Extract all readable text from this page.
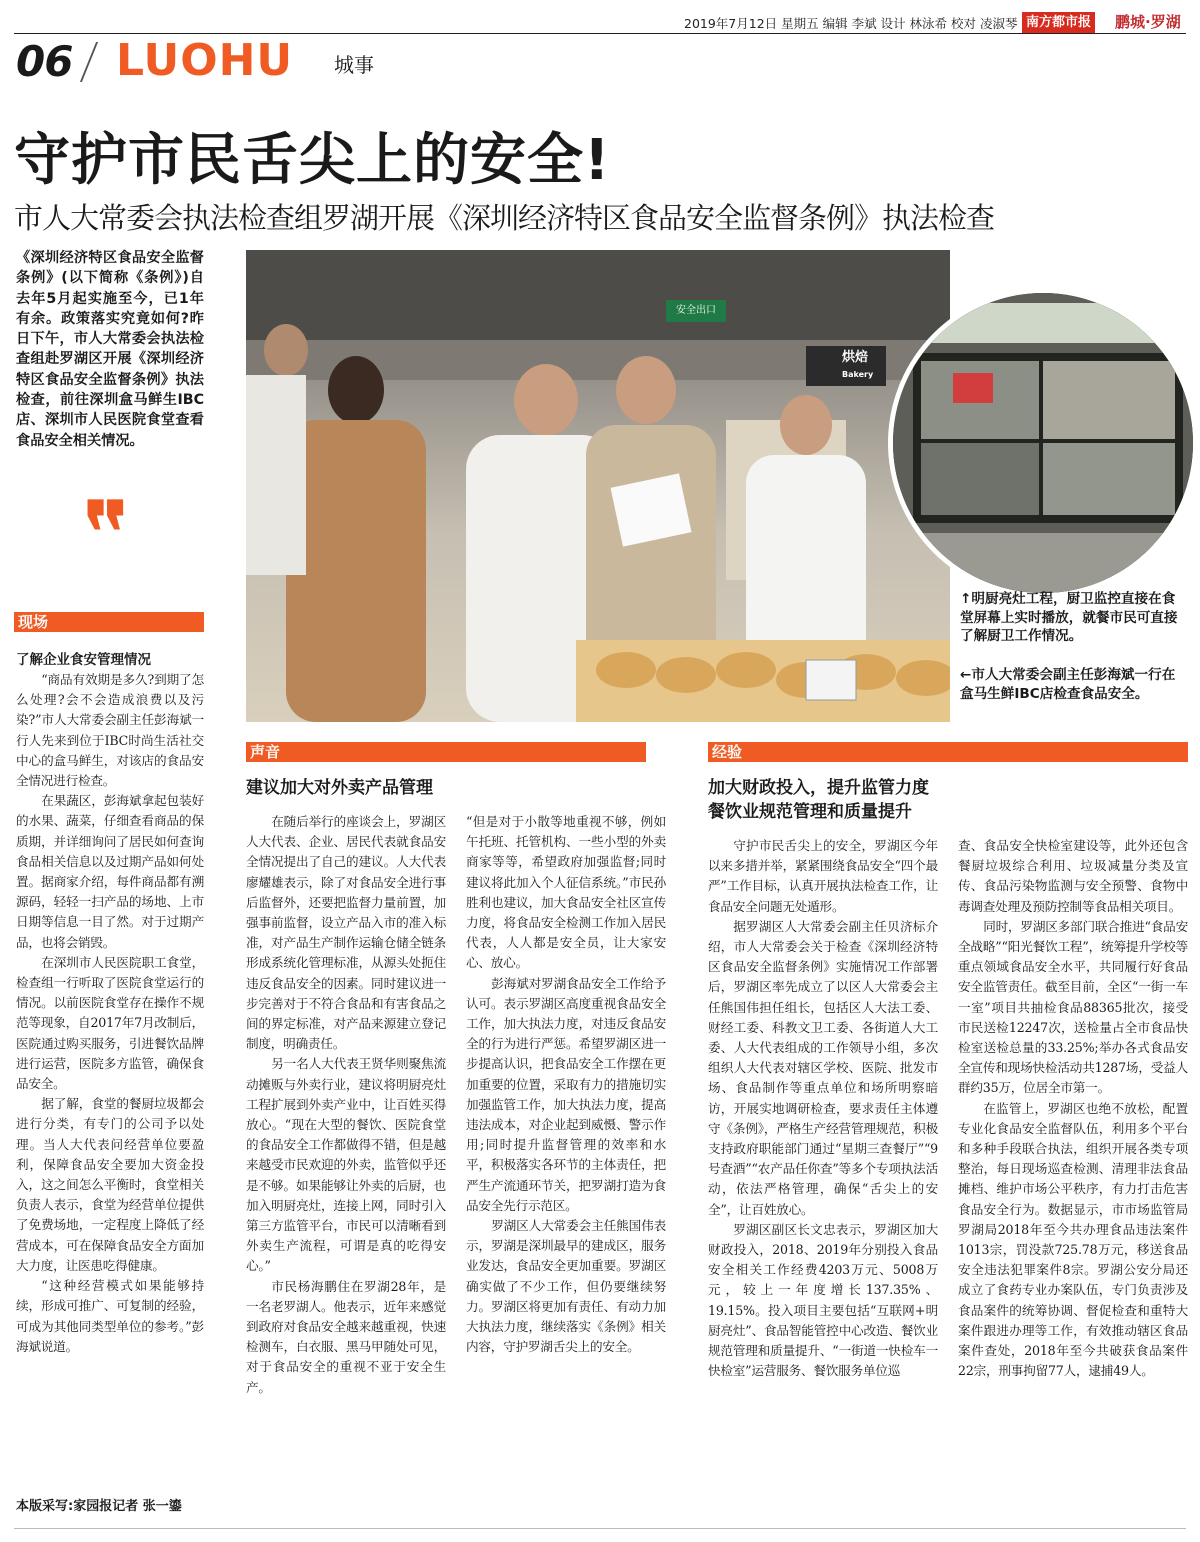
2019年7月12日 星期五 编辑 李斌 设计 林泳希 校对 凌淑琴 南方都市报 鹏城·罗湖
06 LUOHU 城事
守护市民舌尖上的安全!
市人大常委会执法检查组罗湖开展《深圳经济特区食品安全监督条例》执法检查
《深圳经济特区食品安全监督条例》(以下简称《条例》)自去年5月起实施至今，已1年有余。政策落实究竟如何?昨日下午，市人大常委会执法检查组赴罗湖区开展《深圳经济特区食品安全监督条例》执法检查，前往深圳盒马鲜生IBC店、深圳市人民医院食堂查看食品安全相关情况。
❞
烘焙
Bakery
安全出口
↑明厨亮灶工程，厨卫监控直接在食堂屏幕上实时播放，就餐市民可直接了解厨卫工作情况。
←市人大常委会副主任彭海斌一行在盒马生鲜IBC店检查食品安全。
现场
了解企业食安管理情况

“商品有效期是多久?到期了怎么处理?会不会造成浪费以及污染?”市人大常委会副主任彭海斌一行人先来到位于IBC时尚生活社交中心的盒马鲜生，对该店的食品安全情况进行检查。

在果蔬区，彭海斌拿起包装好的水果、蔬菜，仔细查看商品的保质期，并详细询问了居民如何查询食品相关信息以及过期产品如何处置。据商家介绍，每件商品都有溯源码，轻轻一扫产品的场地、上市日期等信息一目了然。对于过期产品，也将会销毁。

在深圳市人民医院职工食堂，检查组一行听取了医院食堂运行的情况。以前医院食堂存在操作不规范等现象，自2017年7月改制后，医院通过购买服务，引进餐饮品牌进行运营，医院多方监管，确保食品安全。

据了解，食堂的餐厨垃圾都会进行分类，有专门的公司予以处理。当人大代表问经营单位要盈利，保障食品安全要加大资金投入，这之间怎么平衡时，食堂相关负责人表示，食堂为经营单位提供了免费场地，一定程度上降低了经营成本，可在保障食品安全方面加大力度，让医患吃得健康。

“这种经营模式如果能够持续，形成可推广、可复制的经验，可成为其他同类型单位的参考。”彭海斌说道。

本版采写:家园报记者 张一鎏
声音
建议加大对外卖产品管理

在随后举行的座谈会上，罗湖区人大代表、企业、居民代表就食品安全情况提出了自己的建议。人大代表廖耀雄表示，除了对食品安全进行事后监督外，还要把监督力量前置，加强事前监督，设立产品入市的准入标准，对产品生产制作运输仓储全链条形成系统化管理标准，从源头处扼住违反食品安全的因素。同时建议进一步完善对于不符合食品和有害食品之间的界定标准，对产品来源建立登记制度，明确责任。

另一名人大代表王贤华则聚焦流动摊贩与外卖行业，建议将明厨亮灶工程扩展到外卖产业中，让百姓买得放心。“现在大型的餐饮、医院食堂的食品安全工作都做得不错，但是越来越受市民欢迎的外卖，监管似乎还是不够。如果能够让外卖的后厨，也加入明厨亮灶，连接上网，同时引入第三方监管平台，市民可以清晰看到外卖生产流程，可谓是真的吃得安心。”

市民杨海鹏住在罗湖28年，是一名老罗湖人。他表示，近年来感觉到政府对食品安全越来越重视，快速检测车，白衣服、黑马甲随处可见，对于食品安全的重视不亚于安全生产。

“但是对于小散等地重视不够，例如午托班、托管机构、一些小型的外卖商家等等，希望政府加强监督;同时建议将此加入个人征信系统。”市民孙胜利也建议，加大食品安全社区宣传力度，将食品安全检测工作加入居民代表，人人都是安全员，让大家安心、放心。

彭海斌对罗湖食品安全工作给予认可。表示罗湖区高度重视食品安全工作，加大执法力度，对违反食品安全的行为进行严惩。希望罗湖区进一步提高认识，把食品安全工作摆在更加重要的位置，采取有力的措施切实加强监管工作，加大执法力度，提高违法成本，对企业起到威慑、警示作用;同时提升监督管理的效率和水平，积极落实各环节的主体责任，把严生产流通环节关，把罗湖打造为食品安全先行示范区。

罗湖区人大常委会主任熊国伟表示，罗湖是深圳最早的建成区，服务业发达，食品安全更加重要。罗湖区确实做了不少工作，但仍要继续努力。罗湖区将更加有责任、有动力加大执法力度，继续落实《条例》相关内容，守护罗湖舌尖上的安全。

经验
加大财政投入，提升监管力度
餐饮业规范管理和质量提升

守护市民舌尖上的安全，罗湖区今年以来多措并举，紧紧围绕食品安全“四个最严”工作目标，认真开展执法检查工作，让食品安全问题无处遁形。

据罗湖区人大常委会副主任贝济标介绍，市人大常委会关于检查《深圳经济特区食品安全监督条例》实施情况工作部署后，罗湖区率先成立了以区人大常委会主任熊国伟担任组长，包括区人大法工委、财经工委、科教文卫工委、各街道人大工委、人大代表组成的工作领导小组，多次组织人大代表对辖区学校、医院、批发市场、食品制作等重点单位和场所明察暗访，开展实地调研检查，要求责任主体遵守《条例》，严格生产经营管理规范，积极支持政府职能部门通过“星期三查餐厅”“9号查酒”“农产品任你查”等多个专项执法活动，依法严格管理，确保“舌尖上的安全”，让百姓放心。

罗湖区副区长文忠表示，罗湖区加大财政投入，2018、2019年分别投入食品安全相关工作经费4203万元、5008万元，较上一年度增长137.35%、19.15%。投入项目主要包括“互联网+明厨亮灶”、食品智能管控中心改造、餐饮业规范管理和质量提升、“一街道一快检车一快检室”运营服务、餐饮服务单位巡

查、食品安全快检室建设等，此外还包含餐厨垃圾综合利用、垃圾减量分类及宣传、食品污染物监测与安全预警、食物中毒调查处理及预防控制等食品相关项目。

同时，罗湖区多部门联合推进“食品安全战略”“阳光餐饮工程”，统筹提升学校等重点领域食品安全水平，共同履行好食品安全监管责任。截至目前，全区“一街一车一室”项目共抽检食品88365批次，接受市民送检12247次，送检量占全市食品快检室送检总量的33.25%;举办各式食品安全宣传和现场快检活动共1287场，受益人群约35万，位居全市第一。

在监管上，罗湖区也绝不放松，配置专业化食品安全监督队伍，利用多个平台和多种手段联合执法，组织开展各类专项整治，每日现场巡查检测、清理非法食品摊档、维护市场公平秩序，有力打击危害食品安全行为。数据显示，市市场监管局罗湖局2018年至今共办理食品违法案件1013宗，罚没款725.78万元，移送食品安全违法犯罪案件8宗。罗湖公安分局还成立了食药专业办案队伍，专门负责涉及食品案件的统筹协调、督促检查和重特大案件跟进办理等工作，有效推动辖区食品案件查处，2018年至今共破获食品案件22宗，刑事拘留77人，逮捕49人。
